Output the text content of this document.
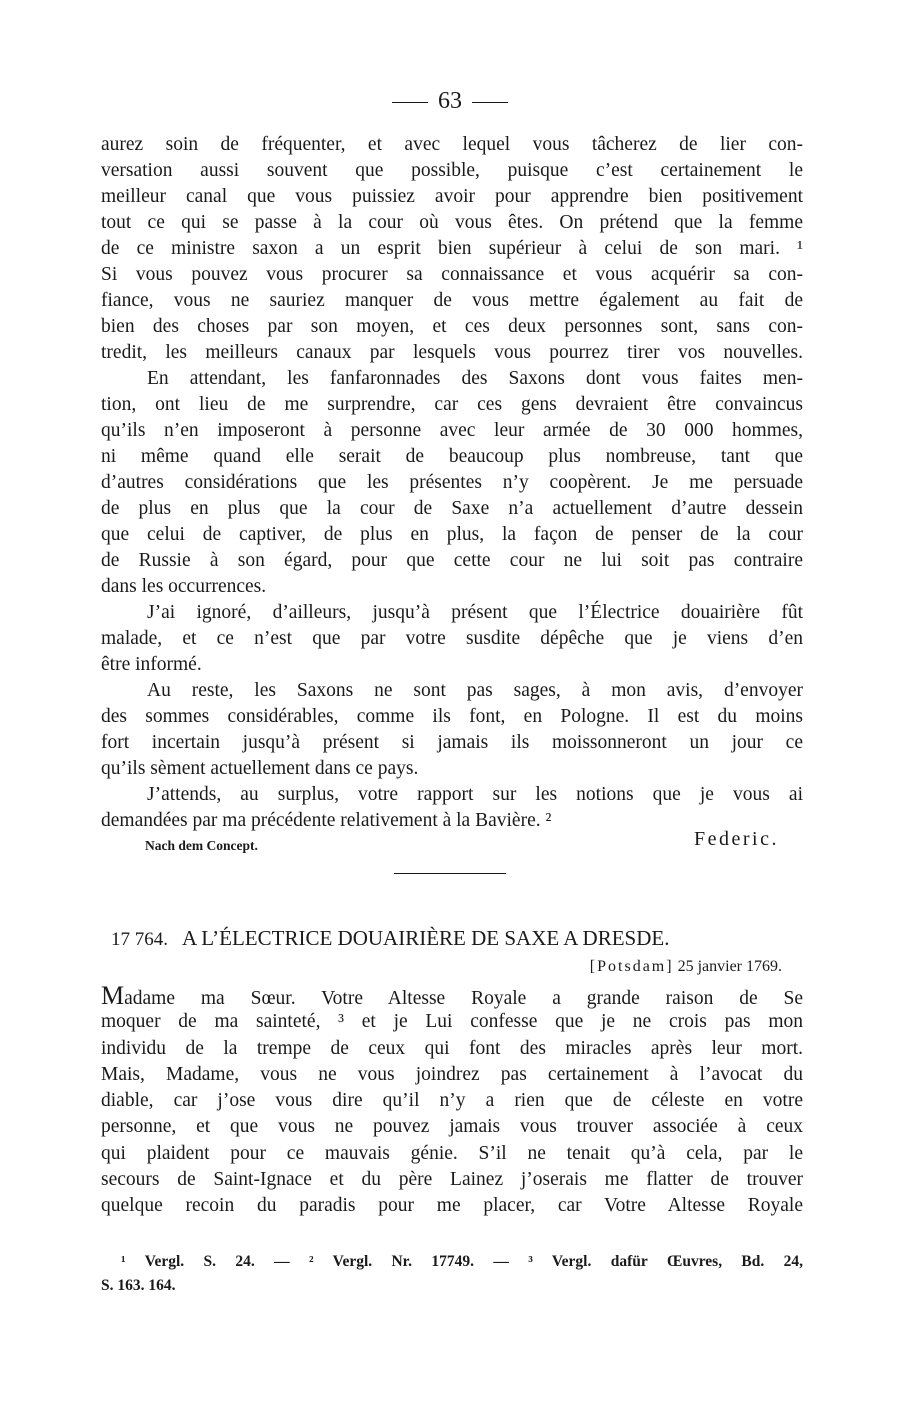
63
aurez soin de fréquenter, et avec lequel vous tâcherez de lier con-
versation aussi souvent que possible, puisque c’est certainement le
meilleur canal que vous puissiez avoir pour apprendre bien positivement
tout ce qui se passe à la cour où vous êtes. On prétend que la femme
de ce ministre saxon a un esprit bien supérieur à celui de son mari. ¹
Si vous pouvez vous procurer sa connaissance et vous acquérir sa con-
fiance, vous ne sauriez manquer de vous mettre également au fait de
bien des choses par son moyen, et ces deux personnes sont, sans con-
tredit, les meilleurs canaux par lesquels vous pourrez tirer vos nouvelles.
En attendant, les fanfaronnades des Saxons dont vous faites men-
tion, ont lieu de me surprendre, car ces gens devraient être convaincus
qu’ils n’en imposeront à personne avec leur armée de 30 000 hommes,
ni même quand elle serait de beaucoup plus nombreuse, tant que
d’autres considérations que les présentes n’y coopèrent. Je me persuade
de plus en plus que la cour de Saxe n’a actuellement d’autre dessein
que celui de captiver, de plus en plus, la façon de penser de la cour
de Russie à son égard, pour que cette cour ne lui soit pas contraire
dans les occurrences.
J’ai ignoré, d’ailleurs, jusqu’à présent que l’Électrice douairière fût
malade, et ce n’est que par votre susdite dépêche que je viens d’en
être informé.
Au reste, les Saxons ne sont pas sages, à mon avis, d’envoyer
des sommes considérables, comme ils font, en Pologne. Il est du moins
fort incertain jusqu’à présent si jamais ils moissonneront un jour ce
qu’ils sèment actuellement dans ce pays.
J’attends, au surplus, votre rapport sur les notions que je vous ai
demandées par ma précédente relativement à la Bavière. ²
Nach dem Concept.	Federic.
17 764. A L’ÉLECTRICE DOUAIRIÈRE DE SAXE A DRESDE.
[Potsdam] 25 janvier 1769.
Madame ma Sœur. Votre Altesse Royale a grande raison de Se
moquer de ma sainteté, ³ et je Lui confesse que je ne crois pas mon
individu de la trempe de ceux qui font des miracles après leur mort.
Mais, Madame, vous ne vous joindrez pas certainement à l’avocat du
diable, car j’ose vous dire qu’il n’y a rien que de céleste en votre
personne, et que vous ne pouvez jamais vous trouver associée à ceux
qui plaident pour ce mauvais génie. S’il ne tenait qu’à cela, par le
secours de Saint-Ignace et du père Lainez j’oserais me flatter de trouver
quelque recoin du paradis pour me placer, car Votre Altesse Royale
¹ Vergl. S. 24. — ² Vergl. Nr. 17749. — ³ Vergl. dafür Œuvres, Bd. 24,
S. 163. 164.
